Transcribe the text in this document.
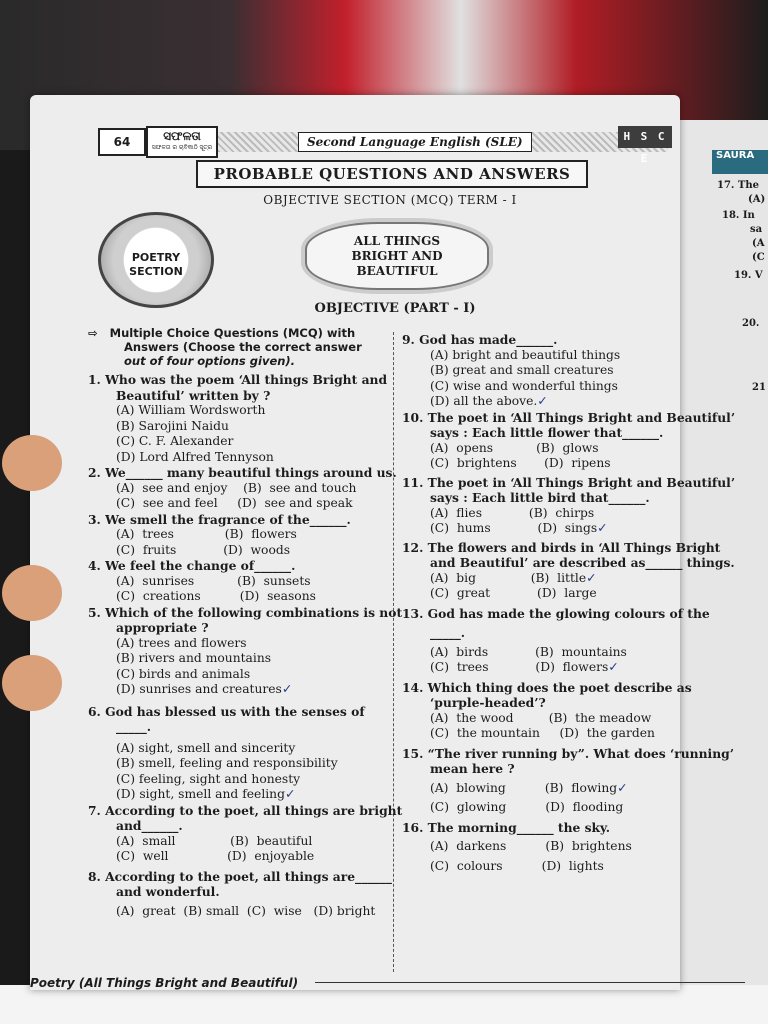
64	ସଫଳତା
ସଫଳତା ର ଚାବିକାଠି ସୂତ୍ର	Second Language English (SLE)	H S C E
PROBABLE QUESTIONS AND ANSWERS
OBJECTIVE SECTION (MCQ) TERM - I
POETRY SECTION
ALL THINGS
BRIGHT AND
BEAUTIFUL
OBJECTIVE (PART - I)

⇨   Multiple Choice Questions (MCQ) with

Answers (Choose the correct answer

out of four options given).

1. Who was the poem ‘All things Bright and

Beautiful’ written by ?

(A) William Wordsworth

(B) Sarojini Naidu

(C) C. F. Alexander

(D) Lord Alfred Tennyson

2. We______ many beautiful things around us.

(A)  see and enjoy    (B)  see and touch

(C)  see and feel     (D)  see and speak

3. We smell the fragrance of the______.

(A)  trees             (B)  flowers

(C)  fruits            (D)  woods

4. We feel the change of______.

(A)  sunrises           (B)  sunsets

(C)  creations          (D)  seasons

5. Which of the following combinations is not

appropriate ?

(A) trees and flowers

(B) rivers and mountains

(C) birds and animals

(D) sunrises and creatures✓

6. God has blessed us with the senses of

_____.

(A) sight, smell and sincerity

(B) smell, feeling and responsibility

(C) feeling, sight and honesty

(D) sight, smell and feeling✓

7. According to the poet, all things are bright

and______.

(A)  small              (B)  beautiful

(C)  well               (D)  enjoyable

8. According to the poet, all things are______

and wonderful.

(A)  great  (B) small  (C)  wise   (D) bright

9. God has made______.

(A) bright and beautiful things

(B) great and small creatures

(C) wise and wonderful things

(D) all the above.✓

10. The poet in ‘All Things Bright and Beautiful’

says : Each little flower that______.

(A)  opens           (B)  glows

(C)  brightens       (D)  ripens

11. The poet in ‘All Things Bright and Beautiful’

says : Each little bird that______.

(A)  flies            (B)  chirps

(C)  hums            (D)  sings✓

12. The flowers and birds in ‘All Things Bright

and Beautiful’ are described as______ things.

(A)  big              (B)  little✓

(C)  great            (D)  large

13. God has made the glowing colours of the

_____.

(A)  birds            (B)  mountains

(C)  trees            (D)  flowers✓

14. Which thing does the poet describe as

‘purple-headed’?

(A)  the wood         (B)  the meadow

(C)  the mountain     (D)  the garden

15. “The river running by”. What does ‘running’

mean here ?

(A)  blowing          (B)  flowing✓

(C)  glowing          (D)  flooding

16. The morning______ the sky.

(A)  darkens          (B)  brightens

(C)  colours          (D)  lights

Poetry (All Things Bright and Beautiful)
SAURA
17. The
(A)
18. In
sa
(A
(C
19. V
20.
21
